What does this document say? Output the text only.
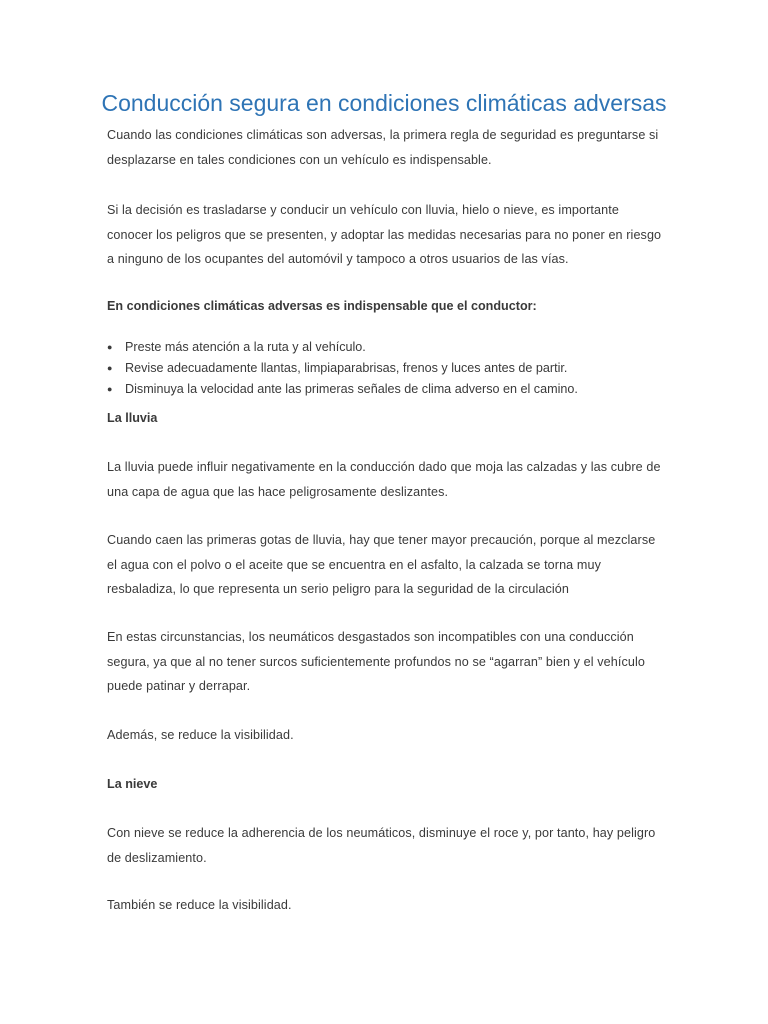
Conducción segura en condiciones climáticas adversas

Cuando las condiciones climáticas son adversas, la primera regla de seguridad es preguntarse si desplazarse en tales condiciones con un vehículo es indispensable.

Si la decisión es trasladarse y conducir un vehículo con lluvia, hielo o nieve, es importante conocer los peligros que se presenten, y adoptar las medidas necesarias para no poner en riesgo a ninguno de los ocupantes del automóvil y tampoco a otros usuarios de las vías.

En condiciones climáticas adversas es indispensable que el conductor:

● Preste más atención a la ruta y al vehículo.
● Revise adecuadamente llantas, limpiaparabrisas, frenos y luces antes de partir.
● Disminuya la velocidad ante las primeras señales de clima adverso en el camino.

La lluvia

La lluvia puede influir negativamente en la conducción dado que moja las calzadas y las cubre de una capa de agua que las hace peligrosamente deslizantes.

Cuando caen las primeras gotas de lluvia, hay que tener mayor precaución, porque al mezclarse el agua con el polvo o el aceite que se encuentra en el asfalto, la calzada se torna muy resbaladiza, lo que representa un serio peligro para la seguridad de la circulación

En estas circunstancias, los neumáticos desgastados son incompatibles con una conducción segura, ya que al no tener surcos suficientemente profundos no se “agarran” bien y el vehículo puede patinar y derrapar.

Además, se reduce la visibilidad.

La nieve

Con nieve se reduce la adherencia de los neumáticos, disminuye el roce y, por tanto, hay peligro de deslizamiento.

También se reduce la visibilidad.
